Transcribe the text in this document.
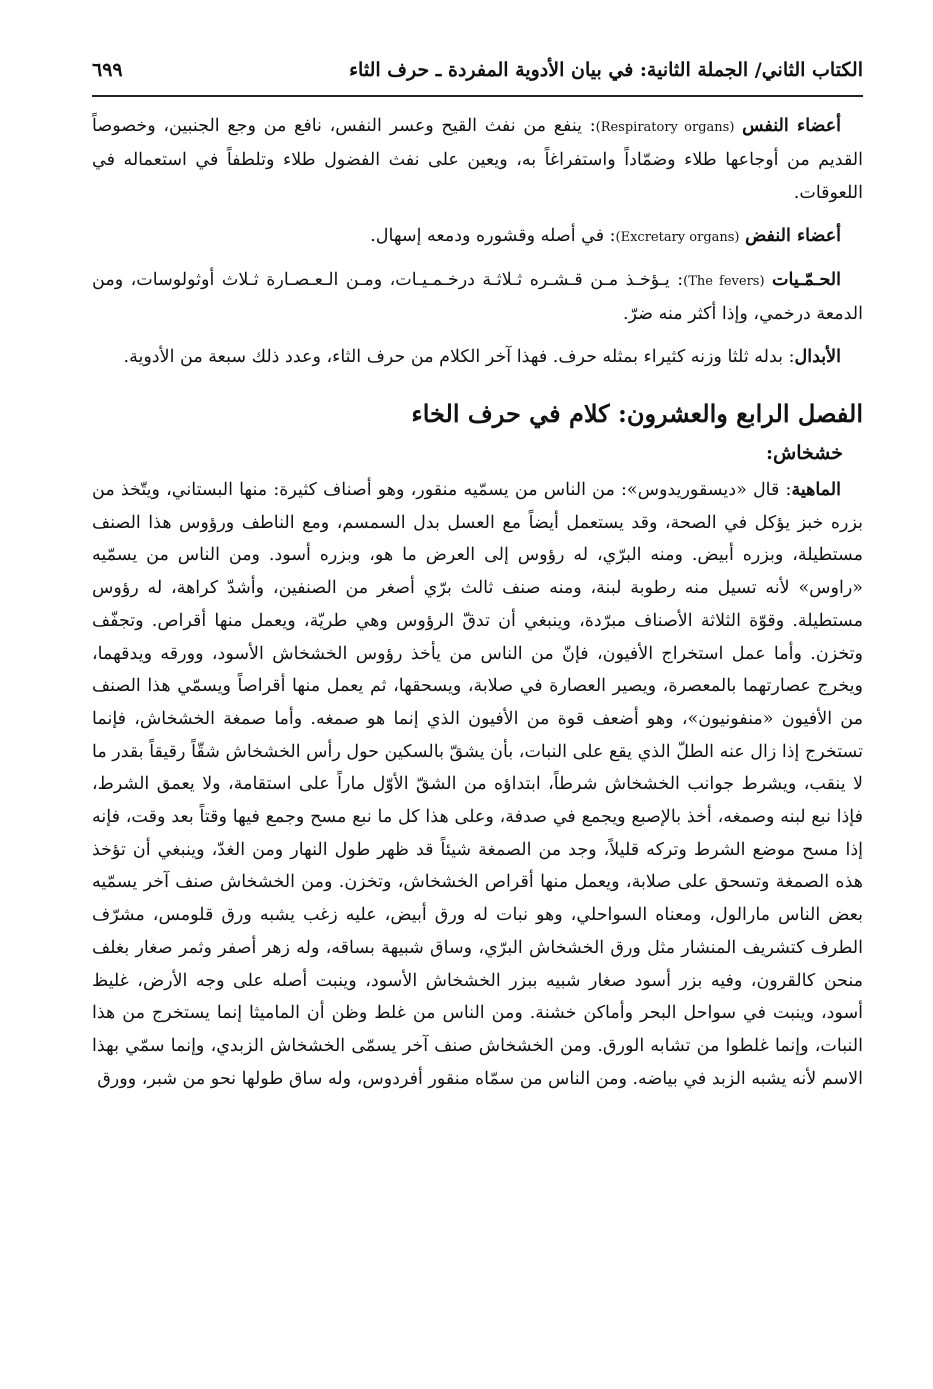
الكتاب الثاني/ الجملة الثانية: في بيان الأدوية المفردة ـ حرف الثاء
٦٩٩

أعضاء النفس (Respiratory organs): ينفع من نفث القيح وعسر النفس، نافع من وجع الجنبين، وخصوصاً القديم من أوجاعها طلاء وضمّاداً واستفراغاً به، ويعين على نفث الفضول طلاء وتلطفاً في استعماله في اللعوقات.

أعضاء النفض (Excretary organs): في أصله وقشوره ودمعه إسهال.

الحـمّـيات (The fevers): يـؤخـذ مـن قـشـره ثـلاثـة درخـمـيـات، ومـن الـعـصـارة ثـلاث أوثولوسات، ومن الدمعة درخمي، وإذا أكثر منه ضرّ.

الأبدال: بدله ثلثا وزنه كثيراء بمثله حرف. فهذا آخر الكلام من حرف الثاء، وعدد ذلك سبعة من الأدوية.

الفصل الرابع والعشرون: كلام في حرف الخاء
خشخاش:

الماهية: قال «ديسقوريدوس»: من الناس من يسمّيه منقور، وهو أصناف كثيرة: منها البستاني، ويتّخذ من بزره خبز يؤكل في الصحة، وقد يستعمل أيضاً مع العسل بدل السمسم، ومع الناطف ورؤوس هذا الصنف مستطيلة، وبزره أبيض. ومنه البرّي، له رؤوس إلى العرض ما هو، وبزره أسود. ومن الناس من يسمّيه «راوس» لأنه تسيل منه رطوبة لبنة، ومنه صنف ثالث برّي أصغر من الصنفين، وأشدّ كراهة، له رؤوس مستطيلة. وقوّة الثلاثة الأصناف مبرّدة، وينبغي أن تدقّ الرؤوس وهي طريّة، ويعمل منها أقراص. وتجفّف وتخزن. وأما عمل استخراج الأفيون، فإنّ من الناس من يأخذ رؤوس الخشخاش الأسود، وورقه ويدقهما، ويخرج عصارتهما بالمعصرة، ويصير العصارة في صلابة، ويسحقها، ثم يعمل منها أقراصاً ويسمّي هذا الصنف من الأفيون «منفونيون»، وهو أضعف قوة من الأفيون الذي إنما هو صمغه. وأما صمغة الخشخاش، فإنما تستخرج إذا زال عنه الطلّ الذي يقع على النبات، بأن يشقّ بالسكين حول رأس الخشخاش شقّاً رقيقاً بقدر ما لا ينقب، ويشرط جوانب الخشخاش شرطاً، ابتداؤه من الشقّ الأوّل ماراً على استقامة، ولا يعمق الشرط، فإذا نبع لبنه وصمغه، أخذ بالإصبع ويجمع في صدفة، وعلى هذا كل ما نبع مسح وجمع فيها وقتاً بعد وقت، فإنه إذا مسح موضع الشرط وتركه قليلاً، وجد من الصمغة شيئاً قد ظهر طول النهار ومن الغدّ، وينبغي أن تؤخذ هذه الصمغة وتسحق على صلابة، ويعمل منها أقراص الخشخاش، وتخزن. ومن الخشخاش صنف آخر يسمّيه بعض الناس مارالول، ومعناه السواحلي، وهو نبات له ورق أبيض، عليه زغب يشبه ورق قلومس، مشرّف الطرف كتشريف المنشار مثل ورق الخشخاش البرّي، وساق شبيهة بساقه، وله زهر أصفر وثمر صغار بغلف منحن كالقرون، وفيه بزر أسود صغار شبيه ببزر الخشخاش الأسود، وينبت أصله على وجه الأرض، غليظ أسود، وينبت في سواحل البحر وأماكن خشنة. ومن الناس من غلط وظن أن الماميثا إنما يستخرج من هذا النبات، وإنما غلطوا من تشابه الورق. ومن الخشخاش صنف آخر يسمّى الخشخاش الزبدي، وإنما سمّي بهذا الاسم لأنه يشبه الزبد في بياضه. ومن الناس من سمّاه منقور أفردوس، وله ساق طولها نحو من شبر، وورق
